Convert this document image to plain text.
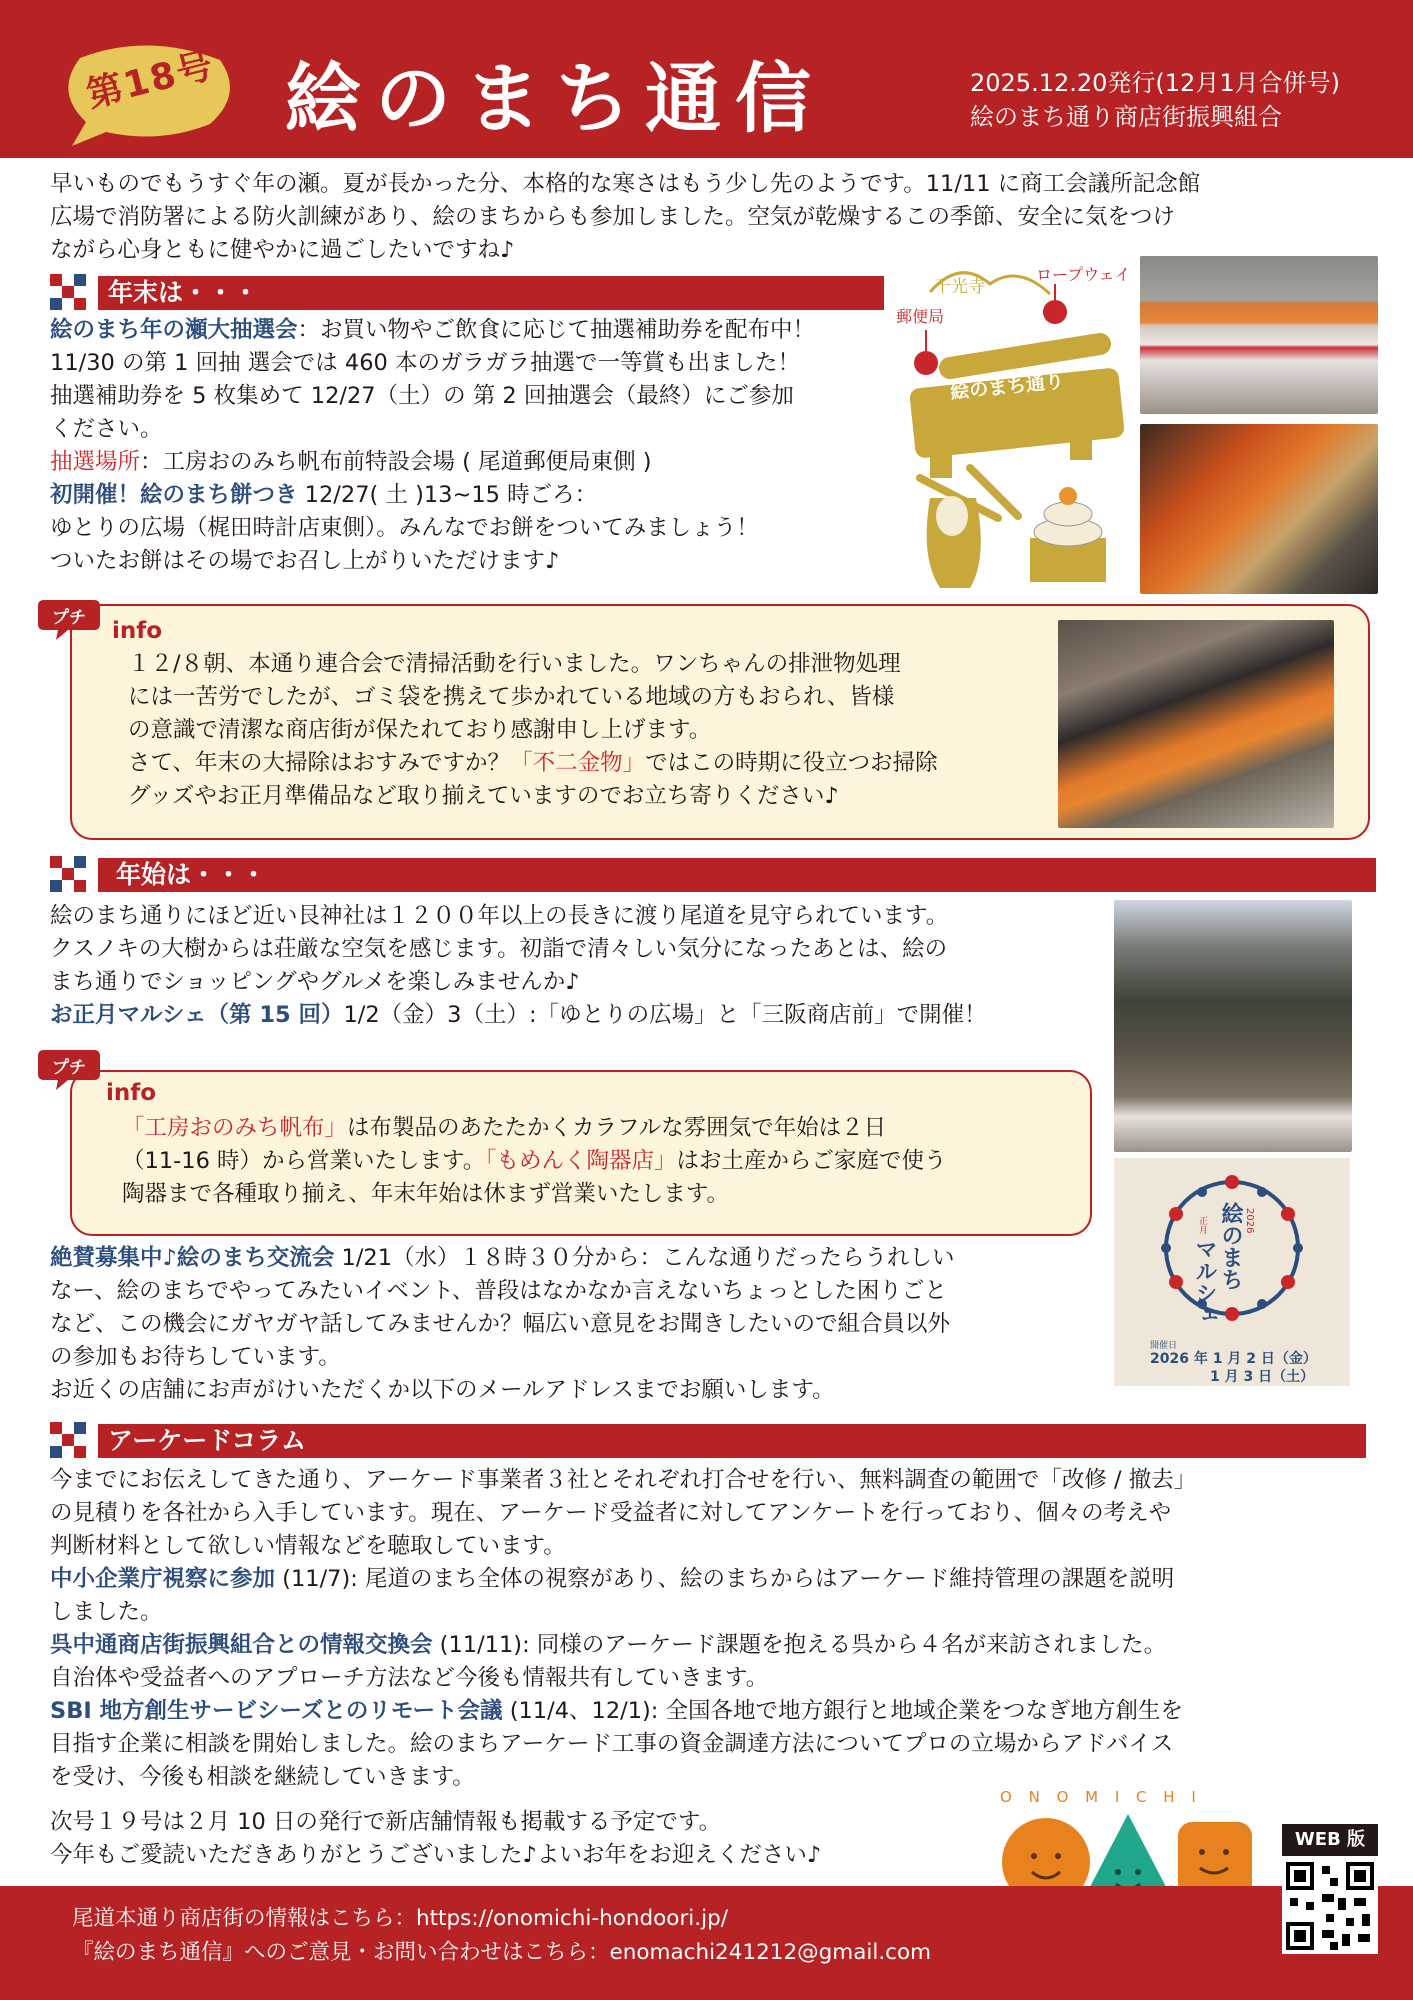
第18号 絵のまち通信	2025.12.20発行(12月1月合併号)
絵のまち通り商店街振興組合
早いものでもうすぐ年の瀬。夏が長かった分、本格的な寒さはもう少し先のようです。11/11 に商工会議所記念館
広場で消防署による防火訓練があり、絵のまちからも参加しました。空気が乾燥するこの季節、安全に気をつけ
ながら心身ともに健やかに過ごしたいですね♪
年末は・・・
絵のまち年の瀬大抽選会：お買い物やご飲食に応じて抽選補助券を配布中！
11/30 の第 1 回抽 選会では 460 本のガラガラ抽選で一等賞も出ました！
抽選補助券を 5 枚集めて 12/27（土）の 第 2 回抽選会（最終）にご参加
ください。
抽選場所：工房おのみち帆布前特設会場 ( 尾道郵便局東側 )
初開催！絵のまち餅つき 12/27( 土 )13~15 時ごろ：
ゆとりの広場（梶田時計店東側）。みんなでお餅をついてみましょう！
ついたお餅はその場でお召し上がりいただけます♪
千光寺
ロープウェイ
郵便局
国道
絵のまち通り
プチ info
１２/８朝、本通り連合会で清掃活動を行いました。ワンちゃんの排泄物処理
には一苦労でしたが、ゴミ袋を携えて歩かれている地域の方もおられ、皆様
の意識で清潔な商店街が保たれており感謝申し上げます。
さて、年末の大掃除はおすみですか？「不二金物」ではこの時期に役立つお掃除
グッズやお正月準備品など取り揃えていますのでお立ち寄りください♪
年始は・・・
絵のまち通りにほど近い艮神社は１２００年以上の長きに渡り尾道を見守られています。
クスノキの大樹からは荘厳な空気を感じます。初詣で清々しい気分になったあとは、絵の
まち通りでショッピングやグルメを楽しみませんか♪
お正月マルシェ（第 15 回）1/2（金）3（土）:「ゆとりの広場」と「三阪商店前」で開催！
プチ
info
「工房おのみち帆布」は布製品のあたたかくカラフルな雰囲気で年始は２日
（11-16 時）から営業いたします。「もめんく陶器店」はお土産からご家庭で使う
陶器まで各種取り揃え、年末年始は休まず営業いたします。
2026
絵のまち
正月
マルシェ
開催日
2026 年 1 月 2 日（金）
1 月 3 日（土）
絶賛募集中♪絵のまち交流会 1/21（水）１８時３０分から：こんな通りだったらうれしい
なー、絵のまちでやってみたいイベント、普段はなかなか言えないちょっとした困りごと
など、この機会にガヤガヤ話してみませんか？幅広い意見をお聞きしたいので組合員以外
の参加もお待ちしています。
お近くの店舗にお声がけいただくか以下のメールアドレスまでお願いします。
アーケードコラム
今までにお伝えしてきた通り、アーケード事業者３社とそれぞれ打合せを行い、無料調査の範囲で「改修 / 撤去」
の見積りを各社から入手しています。現在、アーケード受益者に対してアンケートを行っており、個々の考えや
判断材料として欲しい情報などを聴取しています。
中小企業庁視察に参加 (11/7): 尾道のまち全体の視察があり、絵のまちからはアーケード維持管理の課題を説明
しました。
呉中通商店街振興組合との情報交換会 (11/11): 同様のアーケード課題を抱える呉から４名が来訪されました。
自治体や受益者へのアプローチ方法など今後も情報共有していきます。
SBI 地方創生サービシーズとのリモート会議 (11/4、12/1): 全国各地で地方銀行と地域企業をつなぎ地方創生を
目指す企業に相談を開始しました。絵のまちアーケード工事の資金調達方法についてプロの立場からアドバイス
を受け、今後も相談を継続していきます。
次号１９号は２月 10 日の発行で新店舗情報も掲載する予定です。
今年もご愛読いただきありがとうございました♪よいお年をお迎えください♪
O N O M I C H I
尾道本通り商店街の情報はこちら：https://onomichi-hondoori.jp/
『絵のまち通信』へのご意見・お問い合わせはこちら：enomachi241212@gmail.com
WEB 版
